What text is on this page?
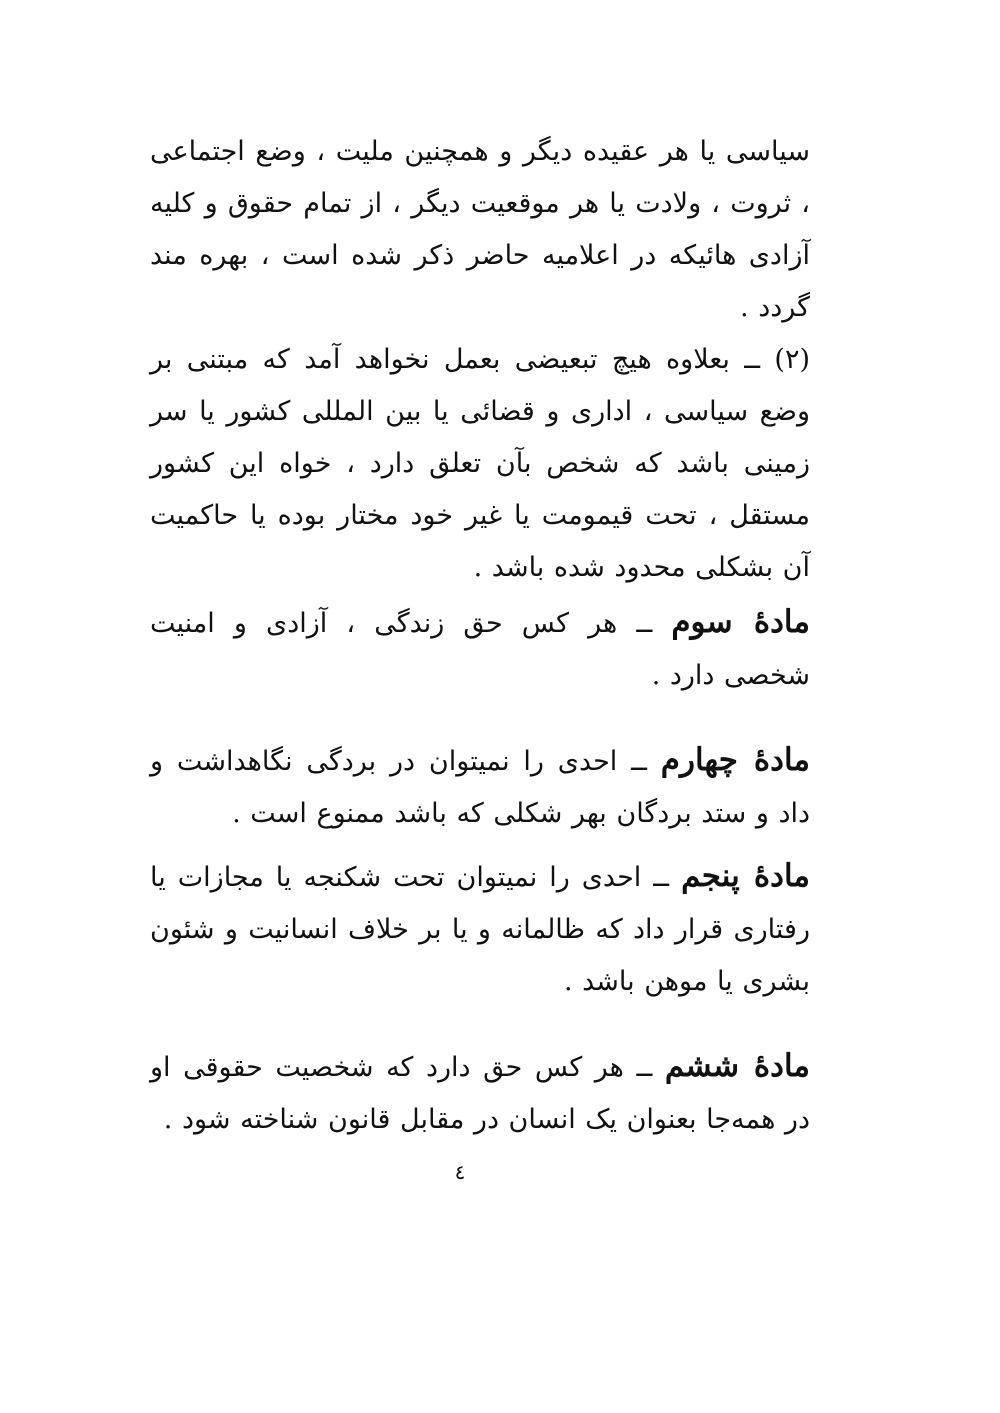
سیاسی یا هر عقیده دیگر و همچنین ملیت ، وضع اجتماعی ، ثروت ، ولادت یا هر موقعیت دیگر ، از تمام حقوق و کلیه آزادی هائیکه در اعلامیه حاضر ذکر شده است ، بهره مند گردد .

(۲) ــ بعلاوه هیچ تبعیضی بعمل نخواهد آمد که مبتنی بر وضع سیاسی ، اداری و قضائی یا بین المللی کشور یا سر زمینی باشد که شخص بآن تعلق دارد ، خواه این کشور مستقل ، تحت قیمومت یا غیر خود مختار بوده یا حاکمیت آن بشکلی محدود شده باشد .

مادهٔ سوم ــ هر کس حق زندگی ، آزادی و امنیت شخصی دارد .

مادهٔ چهارم ــ احدی را نمیتوان در بردگی نگاهداشت و داد و ستد بردگان بهر شکلی که باشد ممنوع است .

مادهٔ پنجم ــ احدی را نمیتوان تحت شکنجه یا مجازات یا رفتاری قرار داد که ظالمانه و یا بر خلاف انسانیت و شئون بشری یا موهن باشد .

مادهٔ ششم ــ هر کس حق دارد که شخصیت حقوقی او در همه‌جا بعنوان یک انسان در مقابل قانون شناخته شود .

٤
